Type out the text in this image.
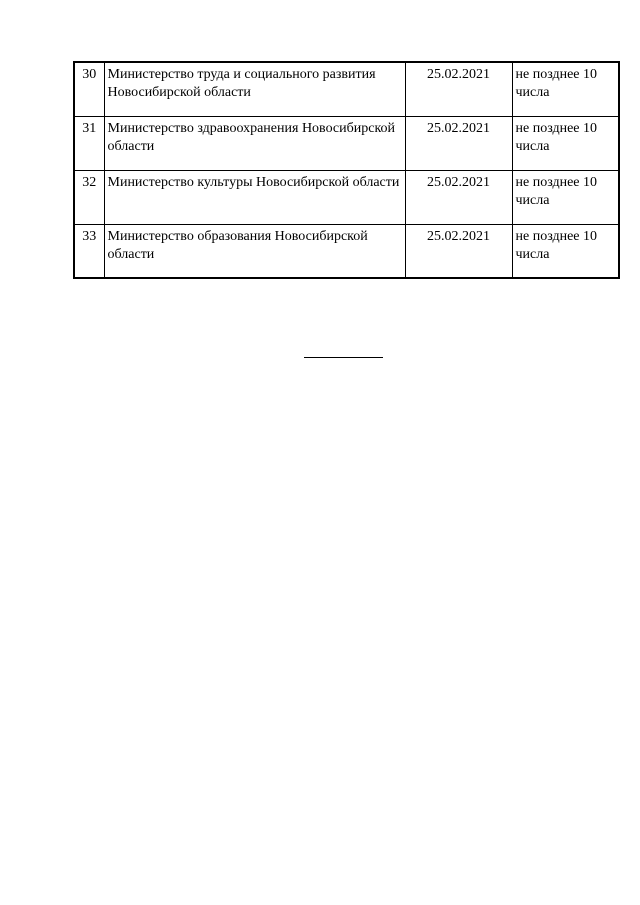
30	Министерство труда и социального развития Новосибирской области	25.02.2021	не позднее 10 числа
31	Министерство здравоохранения Новосибирской области	25.02.2021	не позднее 10 числа
32	Министерство культуры Новосибирской области	25.02.2021	не позднее 10 числа
33	Министерство образования Новосибирской области	25.02.2021	не позднее 10 числа
